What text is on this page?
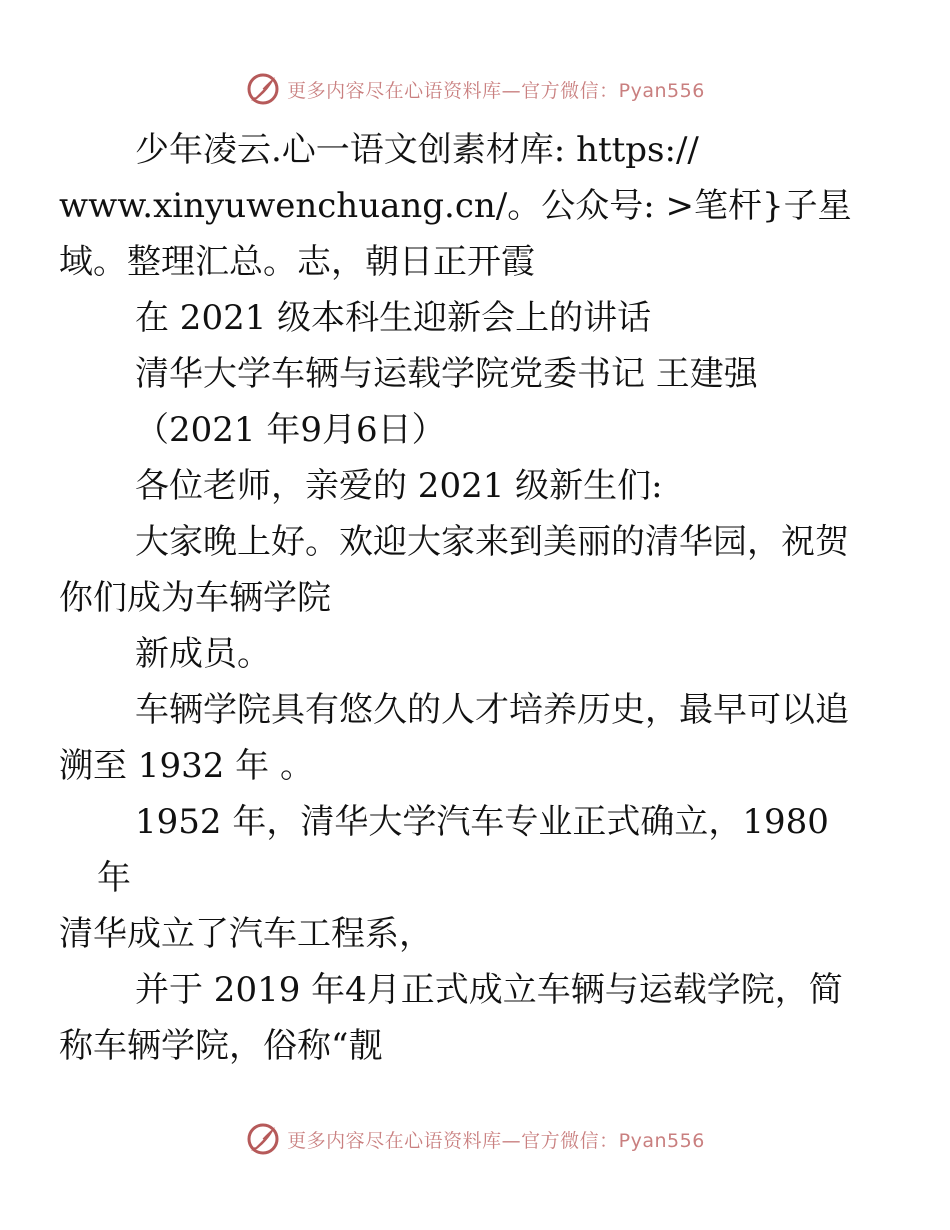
更多内容尽在心语资料库—官方微信：Pyan556

少年凌云.心一语文创素材库: https://
www.xinyuwenchuang.cn/。公众号: >笔杆}子星
域。整理汇总。志，朝日正开霞

在 2021 级本科生迎新会上的讲话

清华大学车辆与运载学院党委书记 王建强

（2021 年9月6日）

各位老师，亲爱的 2021 级新生们:

大家晚上好。欢迎大家来到美丽的清华园，祝贺
你们成为车辆学院

新成员。

车辆学院具有悠久的人才培养历史，最早可以追
溯至 1932 年 。

1952 年，清华大学汽车专业正式确立，1980 年
清华成立了汽车工程系，

并于 2019 年4月正式成立车辆与运载学院，简
称车辆学院，俗称“靓

更多内容尽在心语资料库—官方微信：Pyan556
